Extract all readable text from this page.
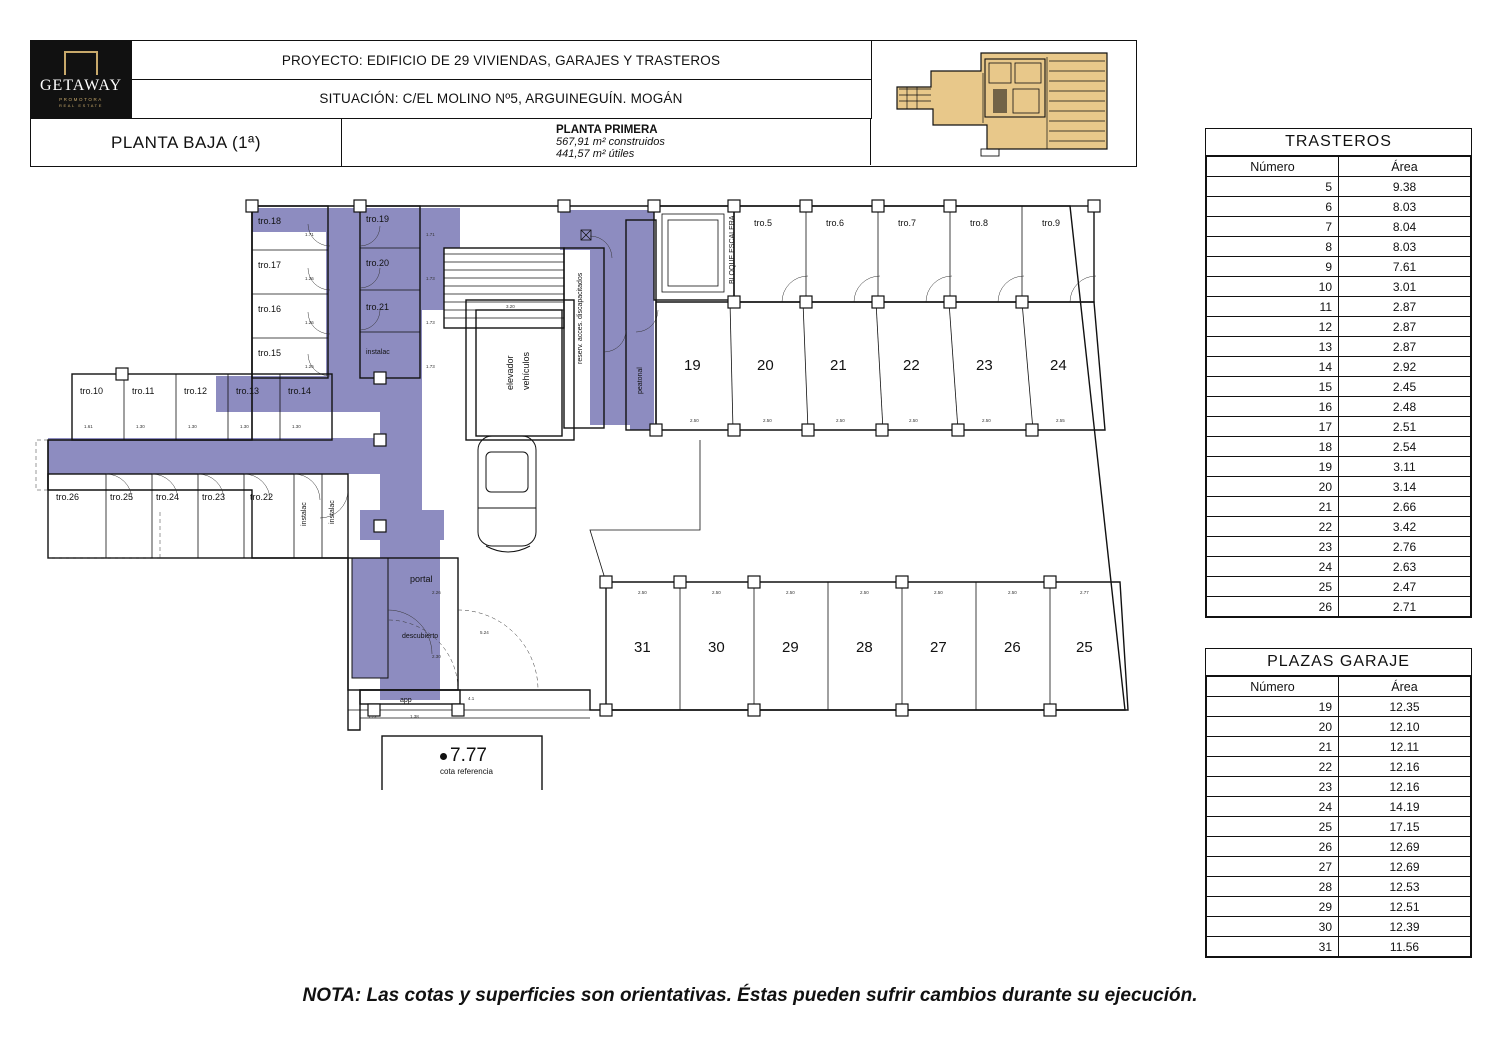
GETAWAY
PROMOTORA
REAL ESTATE
PROYECTO: EDIFICIO DE 29 VIVIENDAS, GARAJES Y TRASTEROS
SITUACIÓN: C/EL MOLINO Nº5, ARGUINEGUÍN. MOGÁN
PLANTA BAJA (1ª)
PLANTA PRIMERA
567,91 m² construidos
441,57 m² útiles
TRASTEROS
Número	Área
5	9.38
6	8.03
7	8.04
8	8.03
9	7.61
10	3.01
11	2.87
12	2.87
13	2.87
14	2.92
15	2.45
16	2.48
17	2.51
18	2.54
19	3.11
20	3.14
21	2.66
22	3.42
23	2.76
24	2.63
25	2.47
26	2.71
PLAZAS GARAJE
Número	Área
19	12.35
20	12.10
21	12.11
22	12.16
23	12.16
24	14.19
25	17.15
26	12.69
27	12.69
28	12.53
29	12.51
30	12.39
31	11.56
tro.18
tro.17
tro.16
tro.15
tro.19
tro.20
tro.21
instalac
1.71
1.26
1.26
1.26
1.71
1.73
1.73
1.73
tro.10	tro.11	tro.12	tro.13	tro.14
1.61	1.30	1.30	1.30	1.30
tro.26	tro.25	tro.24	tro.23	tro.22
instalac	instalac
elevador vehículos
3.20	reserv. acces. discapacitados
peatonal
BLOQUE ESCALERA tro.5	tro.6	tro.7	tro.8	tro.9
19	20	21	22	23	24
2.50	2.50	2.50	2.50	2.50	2.55
31	30	29	28	27	26	25
2.50	2.50	2.50	2.50	2.50	2.50	2.77
portal
descubierto
app
2.26
2.30
5.24
4.1
1.38
7.77
cota referencia
NOTA: Las cotas y superficies son orientativas. Éstas pueden sufrir cambios durante su ejecución.
